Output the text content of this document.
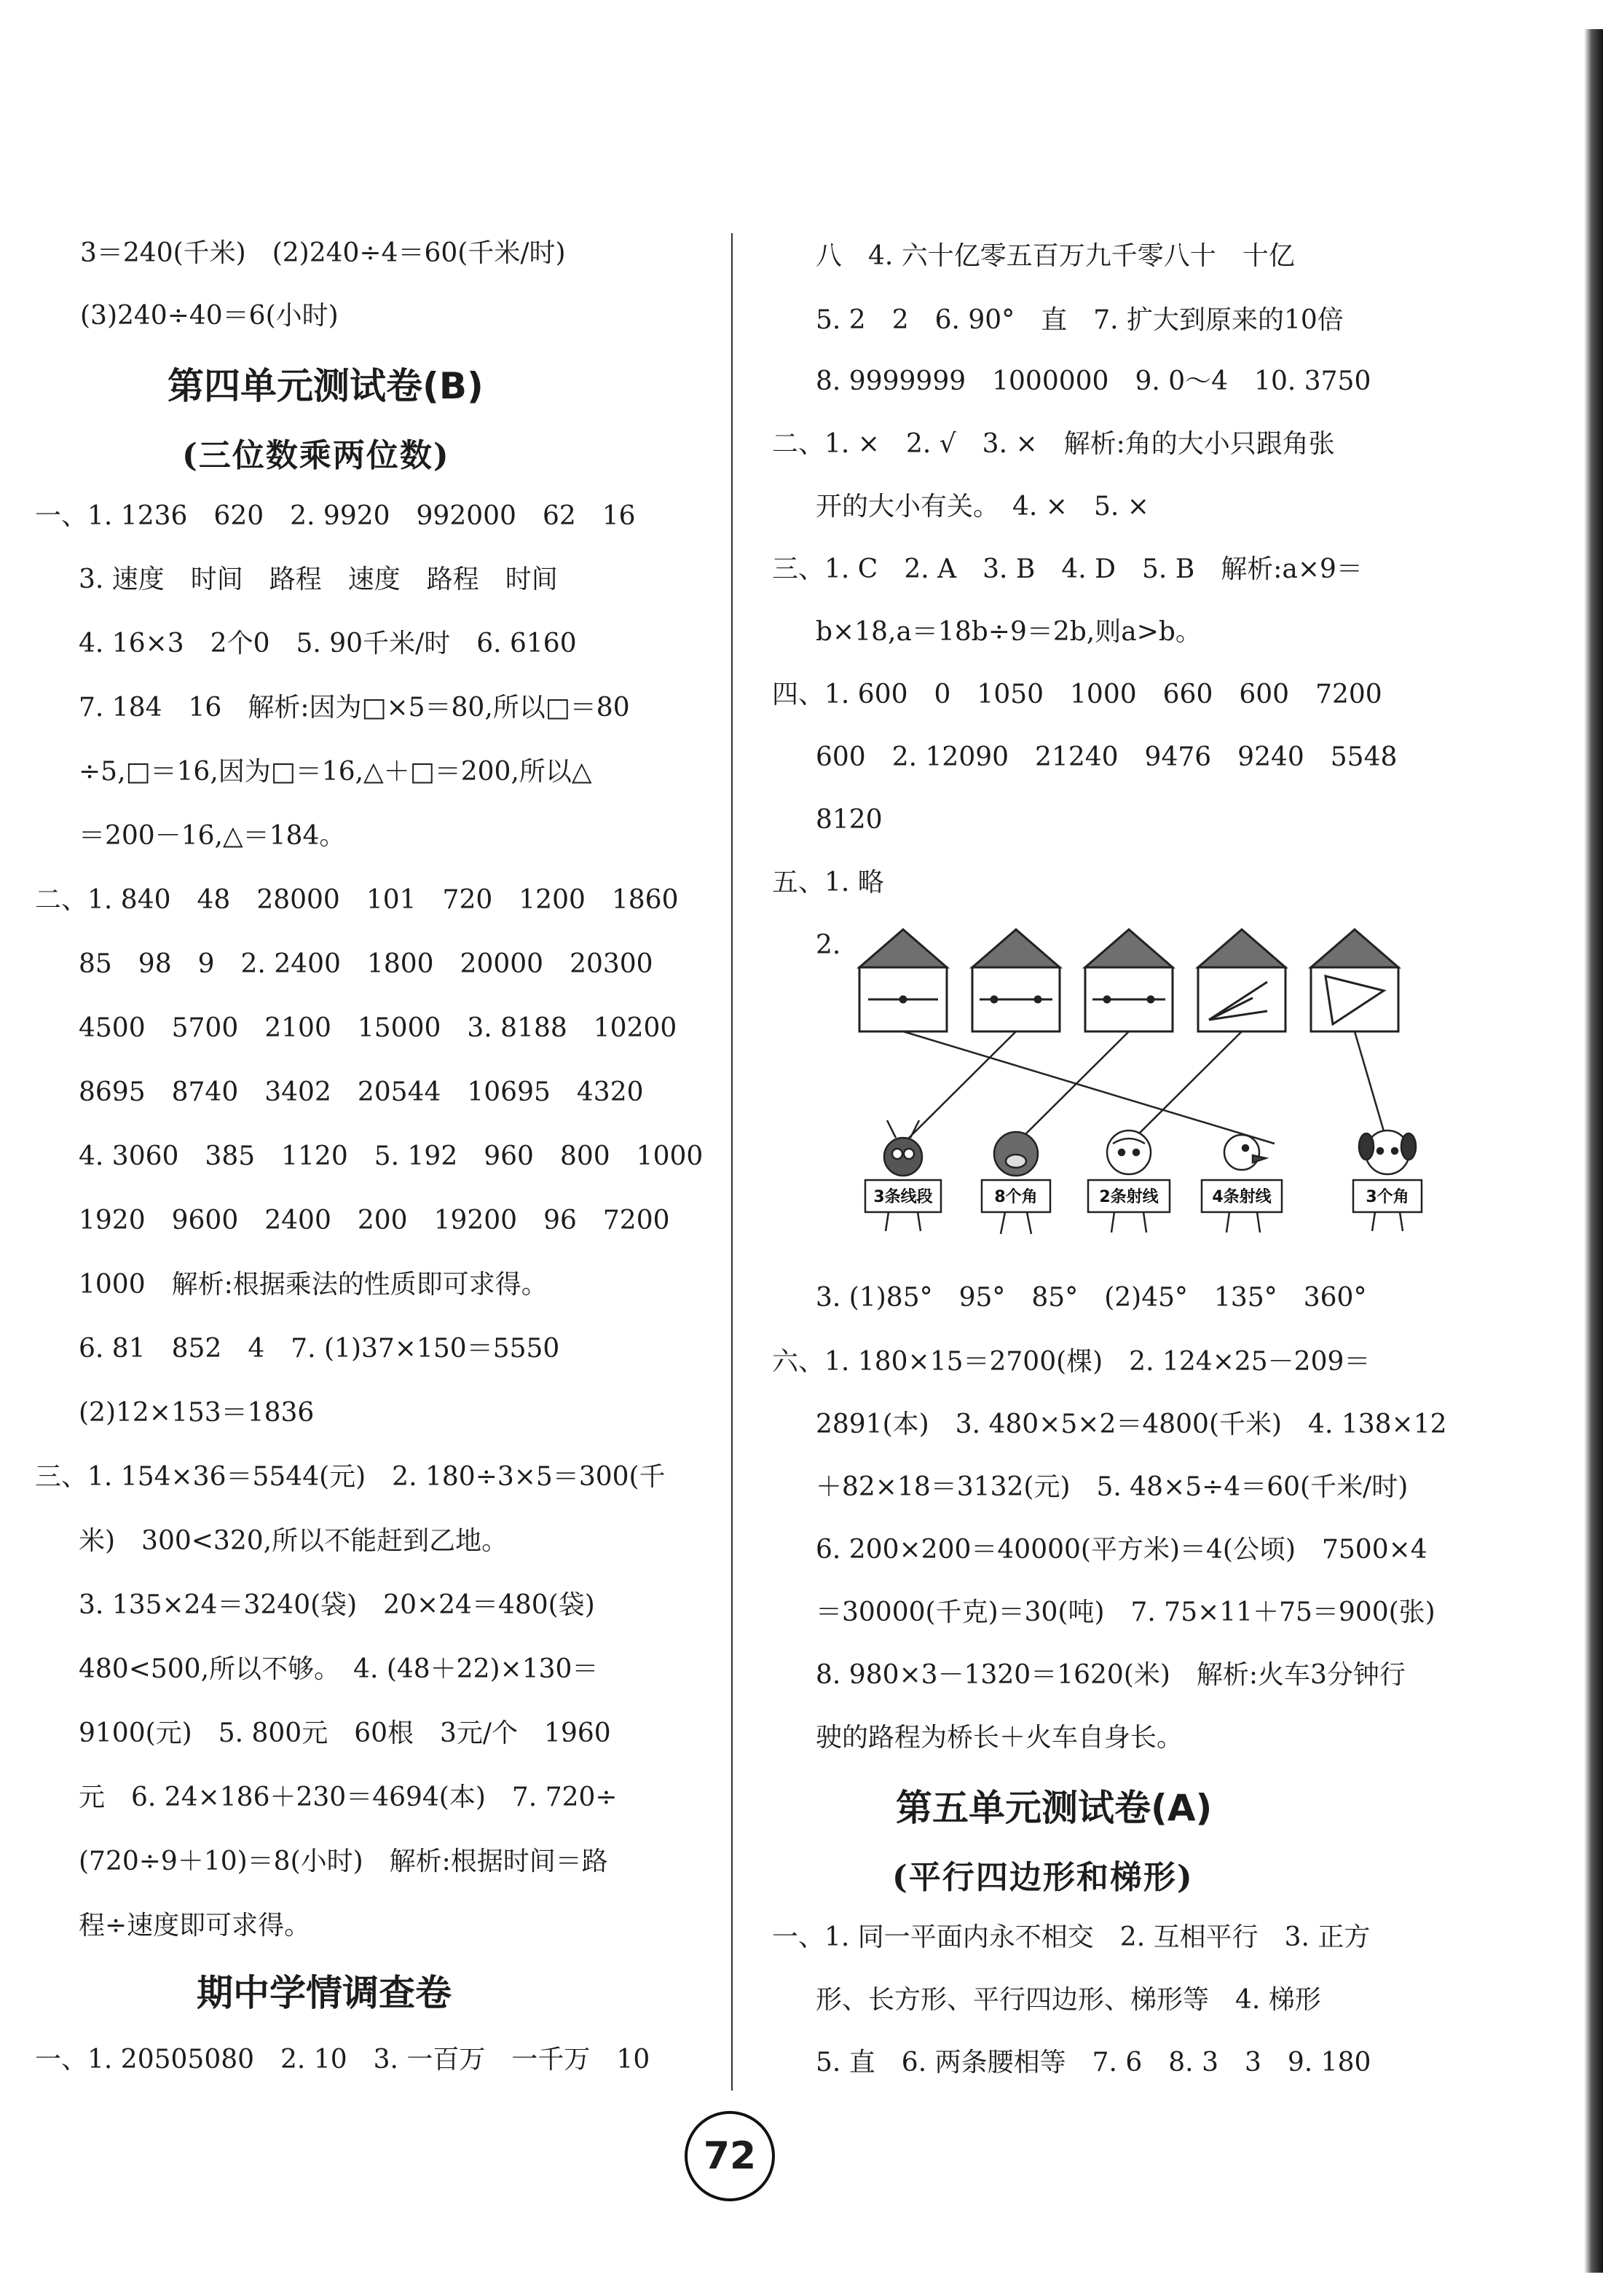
3＝240(千米)　(2)240÷4＝60(千米/时)
(3)240÷40＝6(小时)
第四单元测试卷(B)
(三位数乘两位数)
一、1. 1236　620　2. 9920　992000　62　16
3. 速度　时间　路程　速度　路程　时间
4. 16×3　2个0　5. 90千米/时　6. 6160
7. 184　16　解析:因为□×5＝80,所以□＝80
÷5,□＝16,因为□＝16,△＋□＝200,所以△
＝200－16,△＝184。
二、1. 840　48　28000　101　720　1200　1860
85　98　9　2. 2400　1800　20000　20300
4500　5700　2100　15000　3. 8188　10200
8695　8740　3402　20544　10695　4320
4. 3060　385　1120　5. 192　960　800　1000
1920　9600　2400　200　19200　96　7200
1000　解析:根据乘法的性质即可求得。
6. 81　852　4　7. (1)37×150＝5550
(2)12×153＝1836
三、1. 154×36＝5544(元)　2. 180÷3×5＝300(千
米)　300<320,所以不能赶到乙地。
3. 135×24＝3240(袋)　20×24＝480(袋)
480<500,所以不够。　4. (48＋22)×130＝
9100(元)　5. 800元　60根　3元/个　1960
元　6. 24×186＋230＝4694(本)　7. 720÷
(720÷9＋10)＝8(小时)　解析:根据时间＝路
程÷速度即可求得。
期中学情调查卷
一、1. 20505080　2. 10　3. 一百万　一千万　10
八　4. 六十亿零五百万九千零八十　十亿
5. 2　2　6. 90°　直　7. 扩大到原来的10倍
8. 9999999　1000000　9. 0～4　10. 3750
二、1. ×　2. √　3. ×　解析:角的大小只跟角张
开的大小有关。　4. ×　5. ×
三、1. C　2. A　3. B　4. D　5. B　解析:a×9＝
b×18,a＝18b÷9＝2b,则a>b。
四、1. 600　0　1050　1000　660　600　7200
600　2. 12090　21240　9476　9240　5548
8120
五、1. 略
2.
3条线段	8个角	2条射线	4条射线	3个角
3. (1)85°　95°　85°　(2)45°　135°　360°
六、1. 180×15＝2700(棵)　2. 124×25－209＝
2891(本)　3. 480×5×2＝4800(千米)　4. 138×12
＋82×18＝3132(元)　5. 48×5÷4＝60(千米/时)
6. 200×200＝40000(平方米)＝4(公顷)　7500×4
＝30000(千克)＝30(吨)　7. 75×11＋75＝900(张)
8. 980×3－1320＝1620(米)　解析:火车3分钟行
驶的路程为桥长＋火车自身长。
第五单元测试卷(A)
(平行四边形和梯形)
一、1. 同一平面内永不相交　2. 互相平行　3. 正方
形、长方形、平行四边形、梯形等　4. 梯形
5. 直　6. 两条腰相等　7. 6　8. 3　3　9. 180
72
